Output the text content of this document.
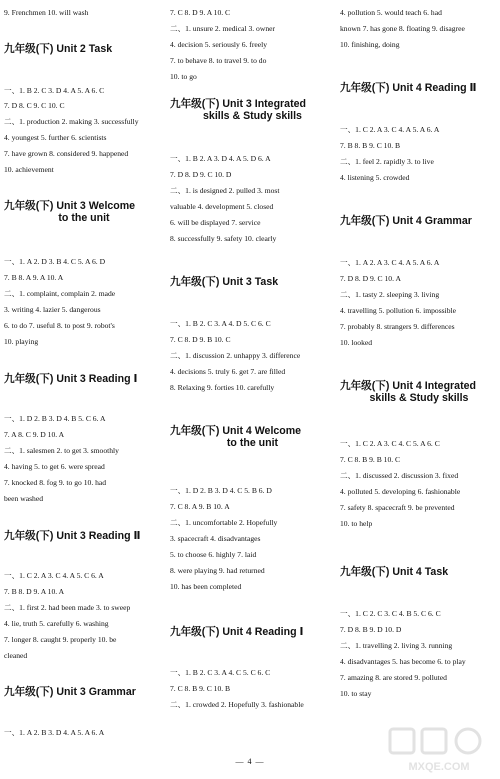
9. Frenchmen 10. will wash
九年级(下) Unit 2 Task
一、1. B 2. C 3. D 4. A 5. A 6. C
7. D 8. C 9. C 10. C
二、1. production 2. making 3. successfully
4. youngest 5. further 6. scientists
7. have grown 8. considered 9. happened
10. achievement
九年级(下) Unit 3 Welcome
to the unit
一、1. A 2. D 3. B 4. C 5. A 6. D
7. B 8. A 9. A 10. A
二、1. complaint, complain 2. made
3. writing 4. lazier 5. dangerous
6. to do 7. useful 8. to post 9. robot's
10. playing
九年级(下) Unit 3 Reading Ⅰ
一、1. D 2. B 3. D 4. B 5. C 6. A
7. A 8. C 9. D 10. A
二、1. salesmen 2. to get 3. smoothly
4. having 5. to get 6. were spread
7. knocked 8. fog 9. to go 10. had
been washed
九年级(下) Unit 3 Reading Ⅱ
一、1. C 2. A 3. C 4. A 5. C 6. A
7. B 8. D 9. A 10. A
二、1. first 2. had been made 3. to sweep
4. lie, truth 5. carefully 6. washing
7. longer 8. caught 9. properly 10. be
cleaned
九年级(下) Unit 3 Grammar
一、1. A 2. B 3. D 4. A 5. A 6. A
7. C 8. D 9. A 10. C
二、1. unsure 2. medical 3. owner
4. decision 5. seriously 6. freely
7. to behave 8. to travel 9. to do
10. to go
九年级(下) Unit 3 Integrated
skills & Study skills
一、1. B 2. A 3. D 4. A 5. D 6. A
7. D 8. D 9. C 10. D
二、1. is designed 2. pulled 3. most
valuable 4. development 5. closed
6. will be displayed 7. service
8. successfully 9. safety 10. clearly
九年级(下) Unit 3 Task
一、1. B 2. C 3. A 4. D 5. C 6. C
7. C 8. D 9. B 10. C
二、1. discussion 2. unhappy 3. difference
4. decisions 5. truly 6. get 7. are filled
8. Relaxing 9. forties 10. carefully
九年级(下) Unit 4 Welcome
to the unit
一、1. D 2. B 3. D 4. C 5. B 6. D
7. C 8. A 9. B 10. A
二、1. uncomfortable 2. Hopefully
3. spacecraft 4. disadvantages
5. to choose 6. highly 7. laid
8. were playing 9. had returned
10. has been completed
九年级(下) Unit 4 Reading Ⅰ
一、1. B 2. C 3. A 4. C 5. C 6. C
7. C 8. B 9. C 10. B
二、1. crowded 2. Hopefully 3. fashionable
4. pollution 5. would teach 6. had
known 7. has gone 8. floating 9. disagree
10. finishing, doing
九年级(下) Unit 4 Reading Ⅱ
一、1. C 2. A 3. C 4. A 5. A 6. A
7. B 8. B 9. C 10. B
二、1. feel 2. rapidly 3. to live
4. listening 5. crowded
九年级(下) Unit 4 Grammar
一、1. A 2. A 3. C 4. A 5. A 6. A
7. D 8. D 9. C 10. A
二、1. tasty 2. sleeping 3. living
4. travelling 5. pollution 6. impossible
7. probably 8. strangers 9. differences
10. looked
九年级(下) Unit 4 Integrated
skills & Study skills
一、1. C 2. A 3. C 4. C 5. A 6. C
7. C 8. B 9. B 10. C
二、1. discussed 2. discussion 3. fixed
4. polluted 5. developing 6. fashionable
7. safety 8. spacecraft 9. be prevented
10. to help
九年级(下) Unit 4 Task
一、1. C 2. C 3. C 4. B 5. C 6. C
7. D 8. B 9. D 10. D
二、1. travelling 2. living 3. running
4. disadvantages 5. has become 6. to play
7. amazing 8. are stored 9. polluted
10. to stay
— 4 —	MXQE.COM
